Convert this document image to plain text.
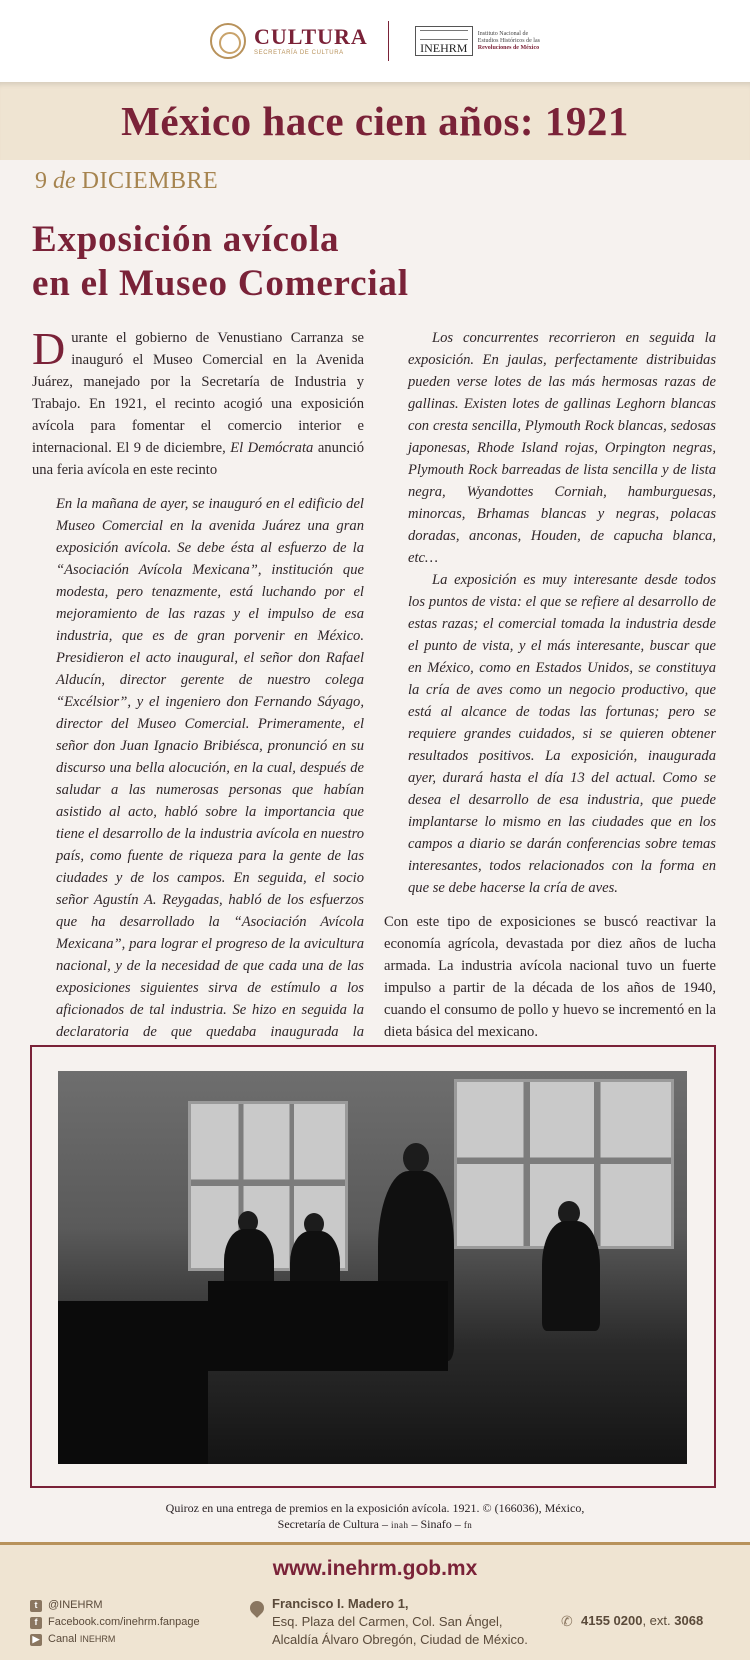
CULTURA
SECRETARÍA DE CULTURA	INEHRM
Instituto Nacional de
Estudios Históricos de las
Revoluciones de México
México hace cien años: 1921
9 de DICIEMBRE
Exposición avícola
en el Museo Comercial

Durante el gobierno de Venustiano Carranza se inauguró el Museo Comercial en la Avenida Juárez, manejado por la Secretaría de Industria y Trabajo. En 1921, el recinto acogió una exposición avícola para fomentar el comercio interior e internacional. El 9 de diciembre, El Demócrata anunció una feria avícola en este recinto

En la mañana de ayer, se inauguró en el edificio del Museo Comercial en la avenida Juárez una gran exposición avícola. Se debe ésta al esfuerzo de la “Asociación Avícola Mexicana”, institución que modesta, pero tenazmente, está luchando por el mejoramiento de las razas y el impulso de esa industria, que es de gran porvenir en México. Presidieron el acto inaugural, el señor don Rafael Alducín, director gerente de nuestro colega “Excélsior”, y el ingeniero don Fernando Sáyago, director del Museo Comercial. Primeramente, el señor don Juan Ignacio Bribiésca, pronunció en su discurso una bella alocución, en la cual, después de saludar a las numerosas personas que habían asistido al acto, habló sobre la importancia que tiene el desarrollo de la industria avícola en nuestro país, como fuente de riqueza para la gente de las ciudades y de los campos. En seguida, el socio señor Agustín A. Reygadas, habló de los esfuerzos que ha desarrollado la “Asociación Avícola Mexicana”, para lograr el progreso de la avicultura nacional, y de la necesidad de que cada una de las exposiciones siguientes sirva de estímulo a los aficionados de tal industria. Se hizo en seguida la declaratoria de que quedaba inaugurada la

Los concurrentes recorrieron en seguida la exposición. En jaulas, perfectamente distribuidas pueden verse lotes de las más hermosas razas de gallinas. Existen lotes de gallinas Leghorn blancas con cresta sencilla, Plymouth Rock blancas, sedosas japonesas, Rhode Island rojas, Orpington negras, Plymouth Rock barreadas de lista sencilla y de lista negra, Wyandottes Corniah, hamburguesas, minorcas, Brhamas blancas y negras, polacas doradas, anconas, Houden, de capucha blanca, etc…

La exposición es muy interesante desde todos los puntos de vista: el que se refiere al desarrollo de estas razas; el comercial tomada la industria desde el punto de vista, y el más interesante, buscar que en México, como en Estados Unidos, se constituya la cría de aves como un negocio productivo, que está al alcance de todas las fortunas; pero se requiere grandes cuidados, si se quieren obtener resultados positivos. La exposición, inaugurada ayer, durará hasta el día 13 del actual. Como se desea el desarrollo de esa industria, que puede implantarse lo mismo en las ciudades que en los campos a diario se darán conferencias sobre temas interesantes, todos relacionados con la forma en que se debe hacerse la cría de aves.

Con este tipo de exposiciones se buscó reactivar la economía agrícola, devastada por diez años de lucha armada. La industria avícola nacional tuvo un fuerte impulso a partir de la década de los años de 1940, cuando el consumo de pollo y huevo se incrementó en la dieta básica del mexicano.

Quiroz en una entrega de premios en la exposición avícola. 1921. © (166036), México,
Secretaría de Cultura – inah – Sinafo – fn
www.inehrm.gob.mx
t @INEHRM
f Facebook.com/inehrm.fanpage
▶ Canal
INEHRM
Francisco I. Madero 1,
Esq. Plaza del Carmen, Col. San Ángel,
Alcaldía Álvaro Obregón, Ciudad de México.
✆ 4155 0200 , ext.
3068
